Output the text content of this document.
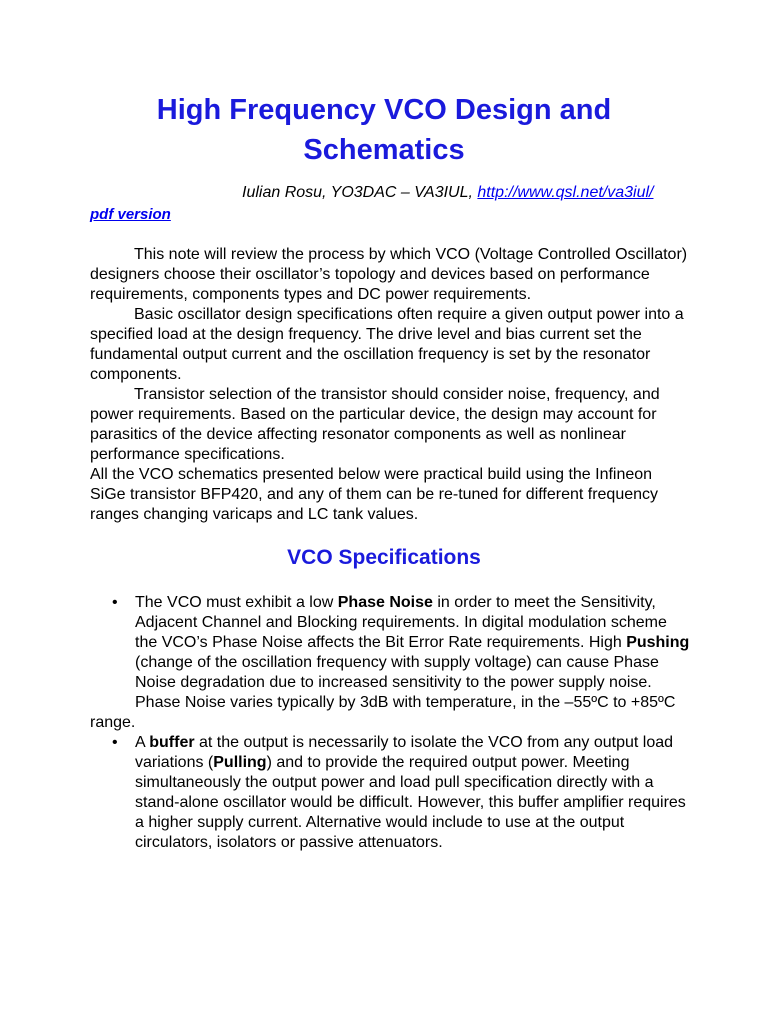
High Frequency VCO Design and
Schematics
Iulian Rosu, YO3DAC – VA3IUL, http://www.qsl.net/va3iul/
pdf version

This note will review the process by which VCO (Voltage Controlled Oscillator) designers choose their oscillator’s topology and devices based on performance requirements, components types and DC power requirements.

Basic oscillator design specifications often require a given output power into a specified load at the design frequency. The drive level and bias current set the fundamental output current and the oscillation frequency is set by the resonator components.

Transistor selection of the transistor should consider noise, frequency, and power requirements. Based on the particular device, the design may account for parasitics of the device affecting resonator components as well as nonlinear performance specifications.

All the VCO schematics presented below were practical build using the Infineon SiGe transistor BFP420, and any of them can be re-tuned for different frequency ranges changing varicaps and LC tank values.

VCO Specifications
• The VCO must exhibit a low Phase Noise in order to meet the Sensitivity, Adjacent Channel and Blocking requirements. In digital modulation scheme the VCO’s Phase Noise affects the Bit Error Rate requirements. High Pushing (change of the oscillation frequency with supply voltage) can cause Phase Noise degradation due to increased sensitivity to the power supply noise.

Phase Noise varies typically by 3dB with temperature, in the –55ºC to +85ºC range.

• A buffer at the output is necessarily to isolate the VCO from any output load variations (Pulling) and to provide the required output power. Meeting simultaneously the output power and load pull specification directly with a stand-alone oscillator would be difficult. However, this buffer amplifier requires a higher supply current. Alternative would include to use at the output circulators, isolators or passive attenuators.
